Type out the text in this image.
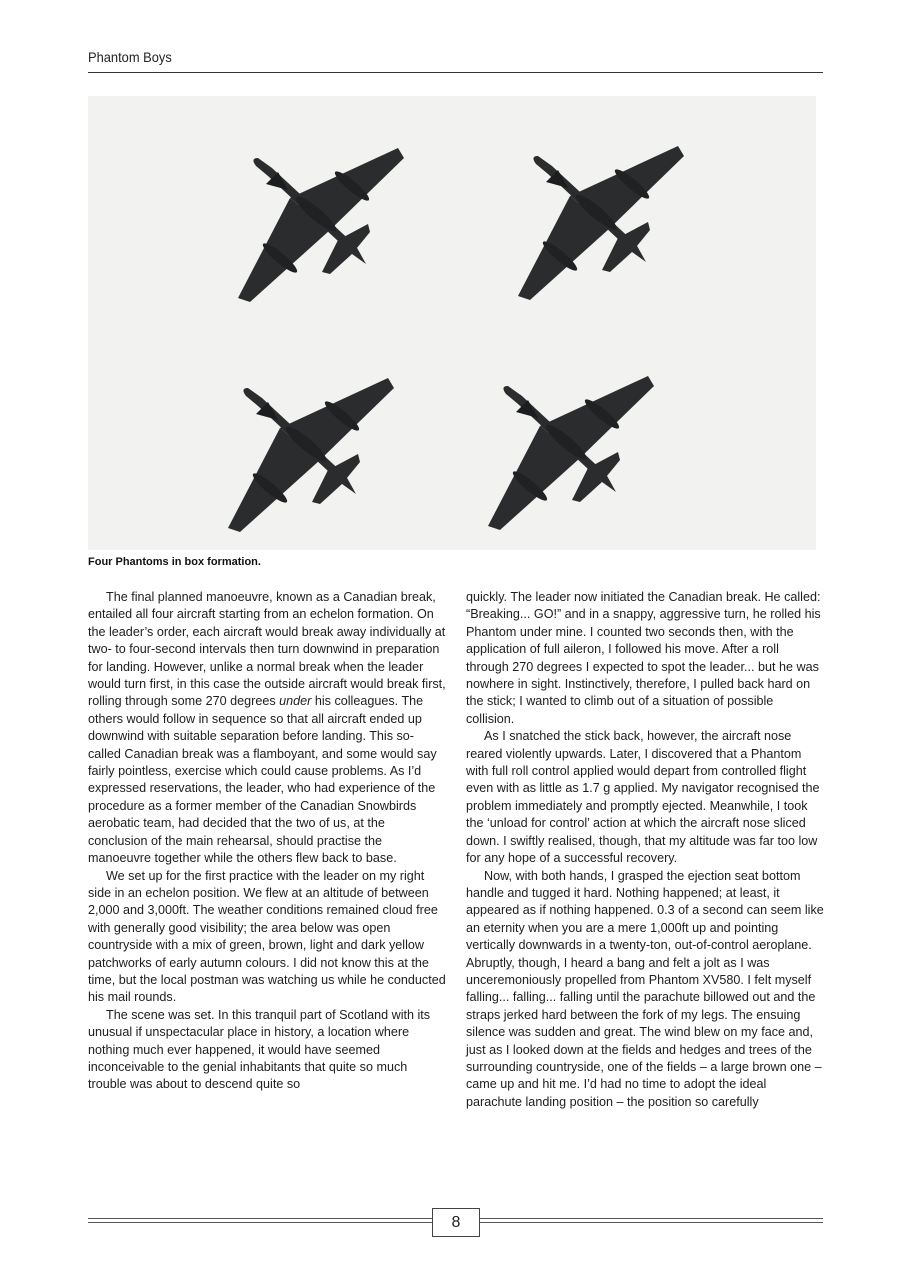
Phantom Boys
Four Phantoms in box formation.

The final planned manoeuvre, known as a Canadian break, entailed all four aircraft starting from an echelon formation. On the leader’s order, each aircraft would break away individually at two- to four-second intervals then turn downwind in preparation for landing. However, unlike a normal break when the leader would turn first, in this case the outside aircraft would break first, rolling through some 270 degrees under his colleagues. The others would follow in sequence so that all aircraft ended up downwind with suitable separation before landing. This so-called Canadian break was a flamboyant, and some would say fairly pointless, exercise which could cause problems. As I’d expressed reservations, the leader, who had experience of the procedure as a former member of the Canadian Snowbirds aerobatic team, had decided that the two of us, at the conclusion of the main rehearsal, should practise the manoeuvre together while the others flew back to base.

We set up for the first practice with the leader on my right side in an echelon position. We flew at an altitude of between 2,000 and 3,000ft. The weather conditions remained cloud free with generally good visibility; the area below was open countryside with a mix of green, brown, light and dark yellow patchworks of early autumn colours. I did not know this at the time, but the local postman was watching us while he conducted his mail rounds.

The scene was set. In this tranquil part of Scotland with its unusual if unspectacular place in history, a location where nothing much ever happened, it would have seemed inconceivable to the genial inhabitants that quite so much trouble was about to descend quite so

quickly. The leader now initiated the Canadian break. He called: “Breaking... GO!” and in a snappy, aggressive turn, he rolled his Phantom under mine. I counted two seconds then, with the application of full aileron, I followed his move. After a roll through 270 degrees I expected to spot the leader... but he was nowhere in sight. Instinctively, therefore, I pulled back hard on the stick; I wanted to climb out of a situation of possible collision.

As I snatched the stick back, however, the aircraft nose reared violently upwards. Later, I discovered that a Phantom with full roll control applied would depart from controlled flight even with as little as 1.7 g applied. My navigator recognised the problem immediately and promptly ejected. Meanwhile, I took the ‘unload for control’ action at which the aircraft nose sliced down. I swiftly realised, though, that my altitude was far too low for any hope of a successful recovery.

Now, with both hands, I grasped the ejection seat bottom handle and tugged it hard. Nothing happened; at least, it appeared as if nothing happened. 0.3 of a second can seem like an eternity when you are a mere 1,000ft up and pointing vertically downwards in a twenty-ton, out-of-control aeroplane. Abruptly, though, I heard a bang and felt a jolt as I was unceremoniously propelled from Phantom XV580. I felt myself falling... falling... falling until the parachute billowed out and the straps jerked hard between the fork of my legs. The ensuing silence was sudden and great. The wind blew on my face and, just as I looked down at the fields and hedges and trees of the surrounding countryside, one of the fields – a large brown one – came up and hit me. I’d had no time to adopt the ideal parachute landing position – the position so carefully

8
